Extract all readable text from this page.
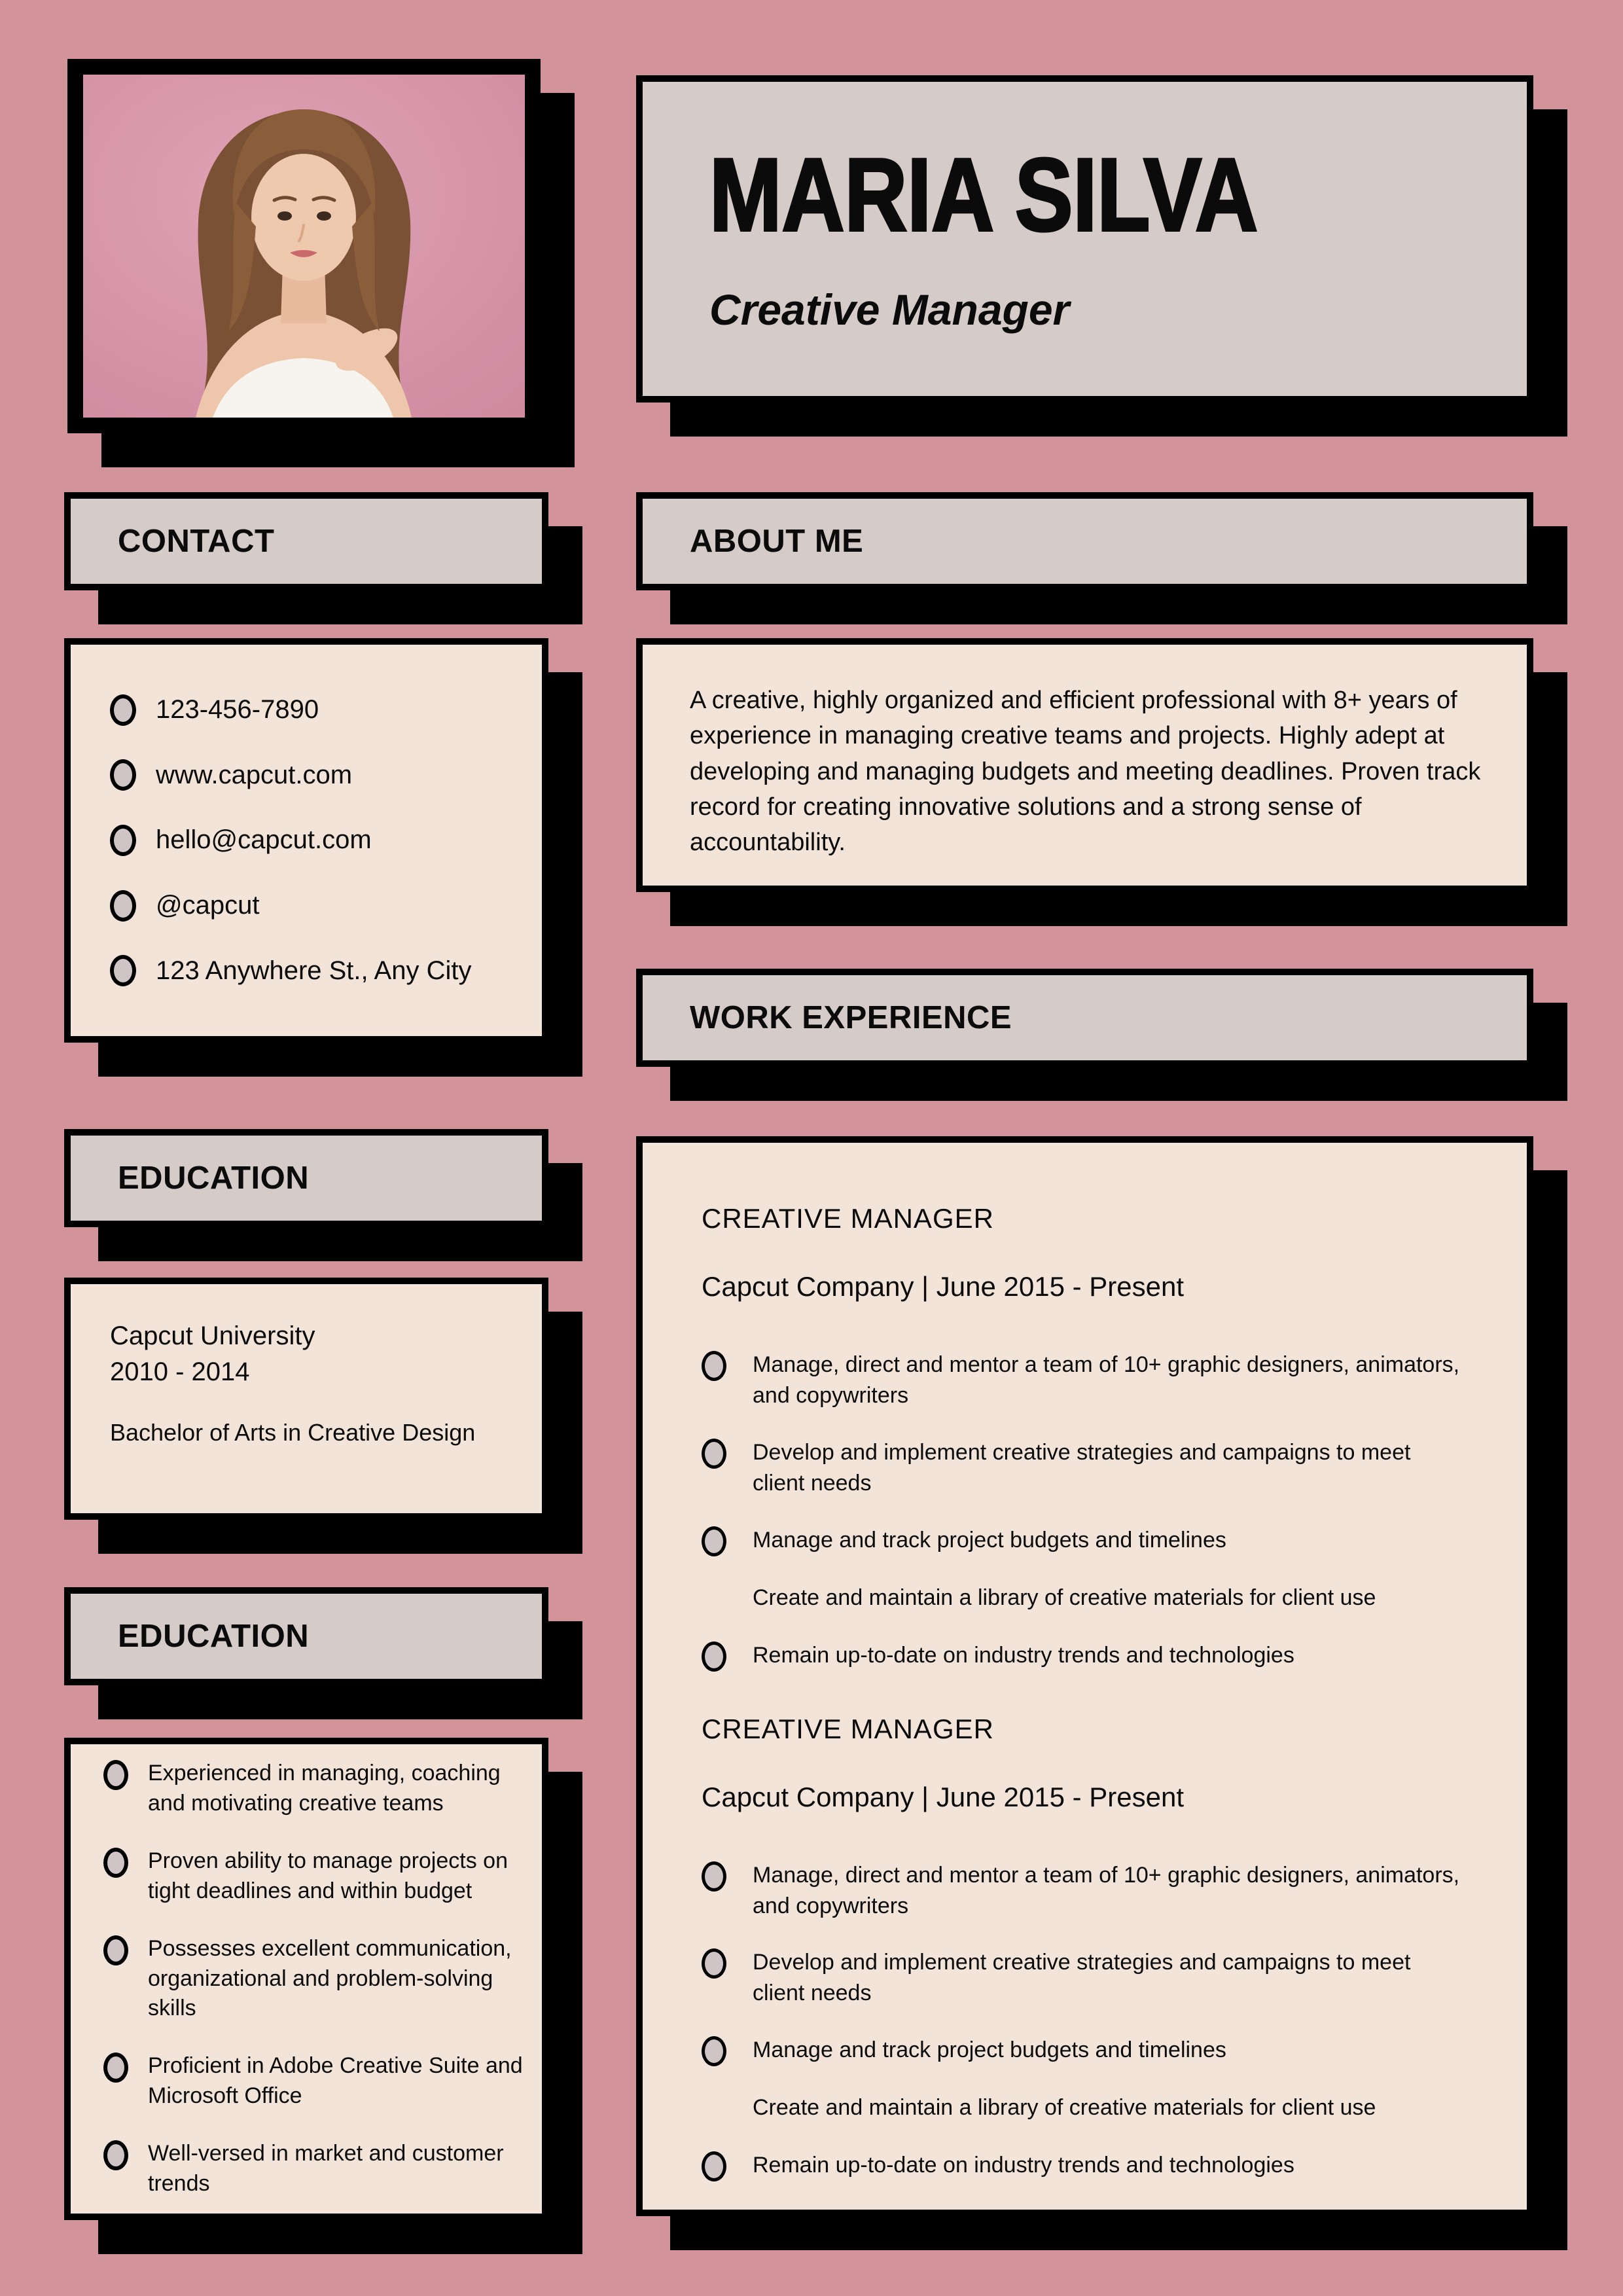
MARIA SILVA
Creative Manager
CONTACT	ABOUT ME
123-456-7890
www.capcut.com
hello@capcut.com
@capcut
123 Anywhere St., Any City
A creative, highly organized and efficient professional with 8+ years of experience in managing creative teams and projects. Highly adept at developing and managing budgets and meeting deadlines. Proven track record for creating innovative solutions and a strong sense of accountability.
WORK EXPERIENCE
EDUCATION
Capcut University
2010 - 2014
Bachelor of Arts in Creative Design
EDUCATION
Experienced in managing, coaching and motivating creative teams
Proven ability to manage projects on tight deadlines and within budget
Possesses excellent communication, organizational and problem-solving skills
Proficient in Adobe Creative Suite and Microsoft Office
Well-versed in market and customer trends
CREATIVE MANAGER
Capcut Company | June 2015 - Present
Manage, direct and mentor a team of 10+ graphic designers, animators, and copywriters
Develop and implement creative strategies and campaigns to meet client needs
Manage and track project budgets and timelines
Create and maintain a library of creative materials for client use
Remain up-to-date on industry trends and technologies
CREATIVE MANAGER
Capcut Company | June 2015 - Present
Manage, direct and mentor a team of 10+ graphic designers, animators, and copywriters
Develop and implement creative strategies and campaigns to meet client needs
Manage and track project budgets and timelines
Create and maintain a library of creative materials for client use
Remain up-to-date on industry trends and technologies
